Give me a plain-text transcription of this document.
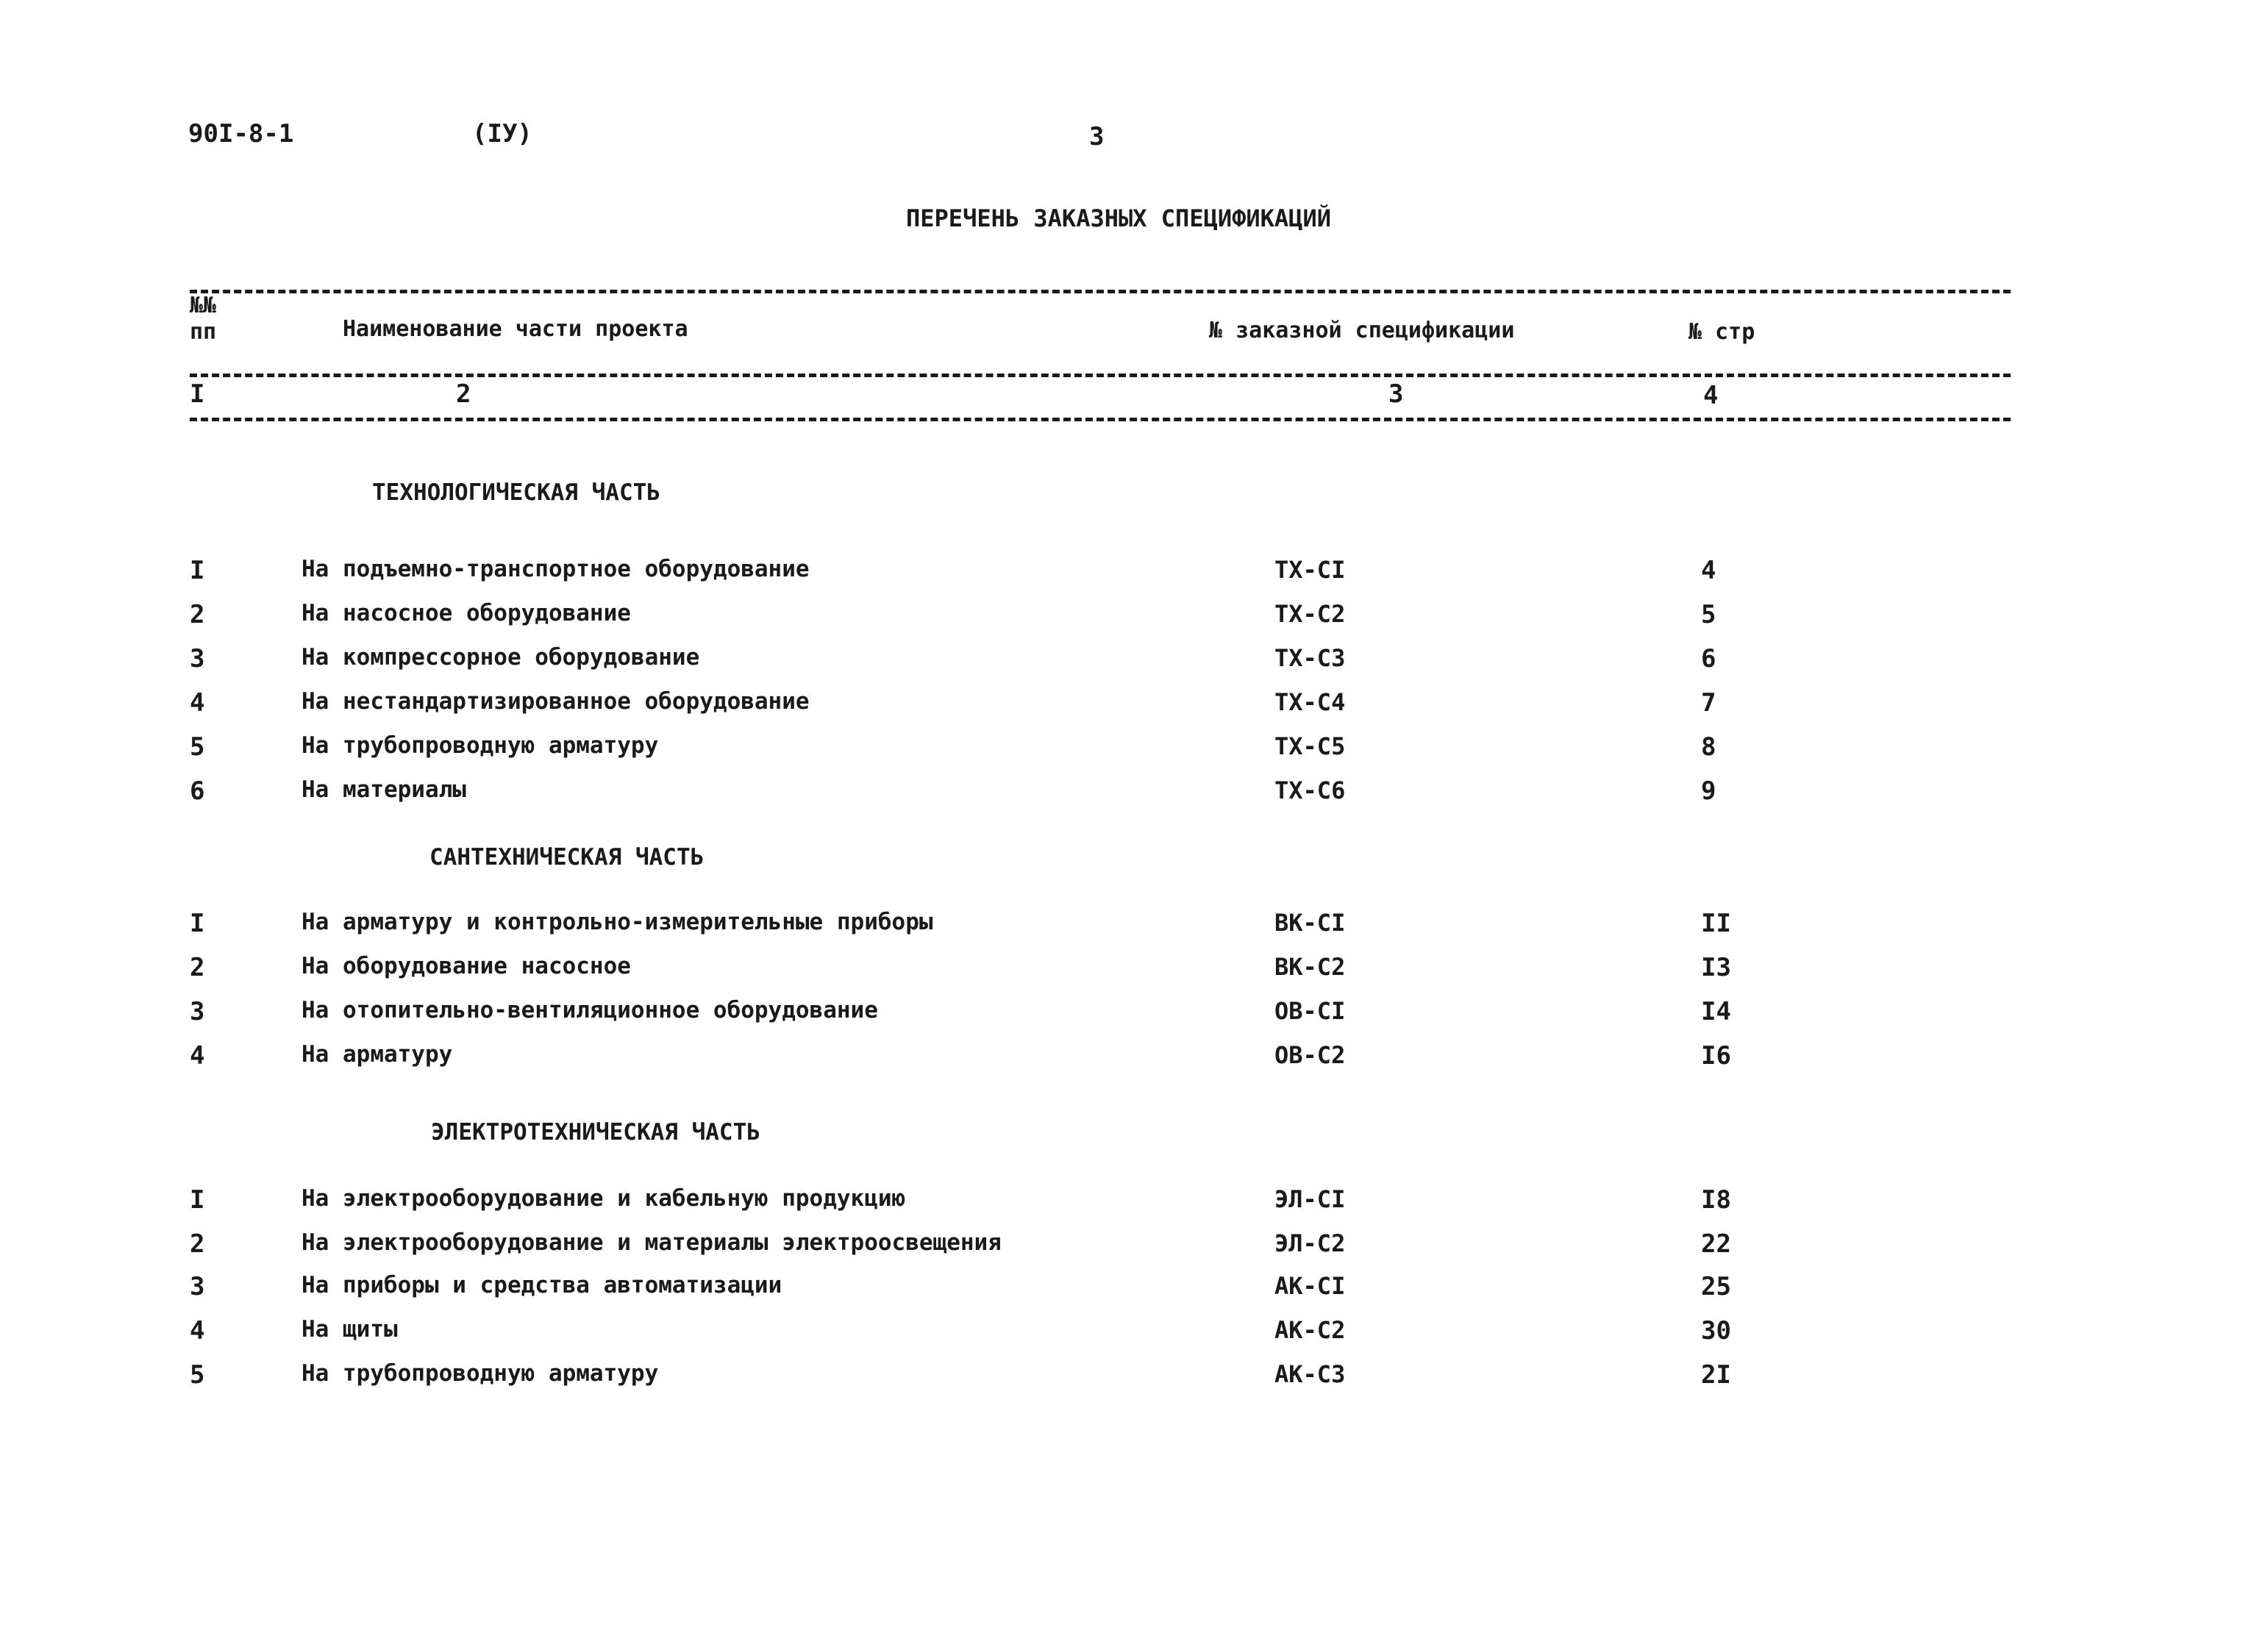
90I-8-1	(IУ)	3
ПЕРЕЧЕНЬ ЗАКАЗНЫХ СПЕЦИФИКАЦИЙ
№№
пп	Наименование части проекта	№ заказной спецификации	№ стр
I	2	3	4
ТЕХНОЛОГИЧЕСКАЯ ЧАСТЬ
I	На подъемно-транспортное оборудование	ТХ-СI	4
2	На насосное оборудование	ТХ-С2	5
3	На компрессорное оборудование	ТХ-С3	6
4	На нестандартизированное оборудование	ТХ-С4	7
5	На трубопроводную арматуру	ТХ-С5	8
6	На материалы	ТХ-С6	9
САНТЕХНИЧЕСКАЯ ЧАСТЬ
I	На арматуру и контрольно-измерительные приборы	ВК-СI	II
2	На оборудование насосное	ВК-С2	I3
3	На отопительно-вентиляционное оборудование	ОВ-СI	I4
4	На арматуру	ОВ-С2	I6
ЭЛЕКТРОТЕХНИЧЕСКАЯ ЧАСТЬ
I	На электрооборудование и кабельную продукцию	ЭЛ-СI	I8
2	На электрооборудование и материалы электроосвещения	ЭЛ-С2	22
3	На приборы и средства автоматизации	АК-СI	25
4	На щиты	АК-С2	30
5	На трубопроводную арматуру	АК-С3	2I
